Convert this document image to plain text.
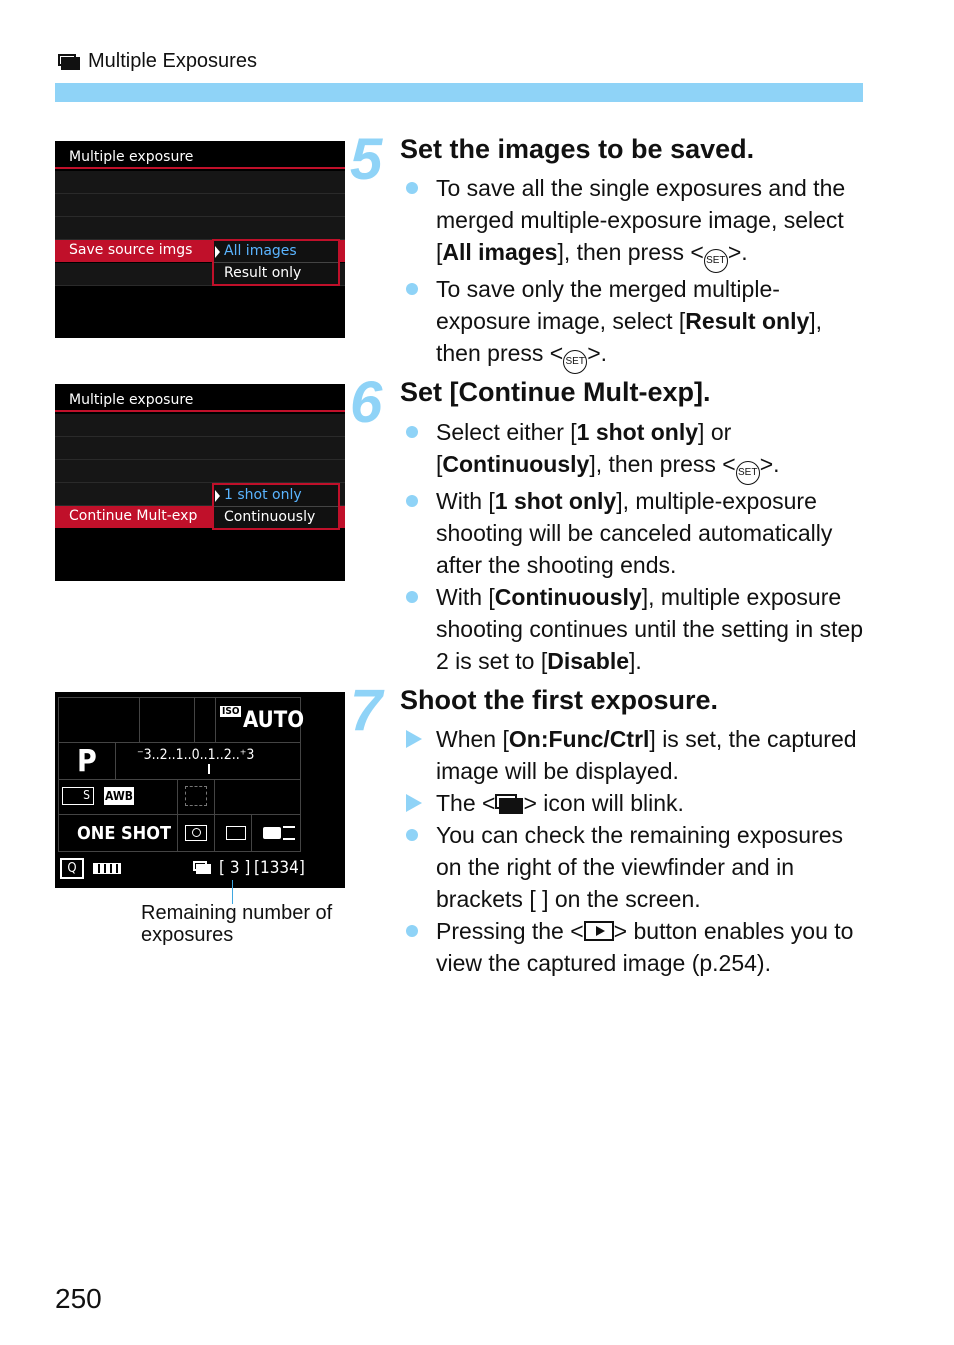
Multiple Exposures
Multiple exposure
Save source imgs	All images
Result only
5 Set the images to be saved.
To save all the single exposures and the merged multiple-exposure image, select [All images], then press < SET>.
To save only the merged multiple-exposure image, select [Result only], then press < SET>.
Multiple exposure
Continue Mult-exp
1 shot only
Continuously
6 Set [Continue Mult-exp].
Select either [1 shot only] or [Continuously], then press < SET>.
With [1 shot only], multiple-exposure shooting will be canceled automatically after the shooting ends.
With [Continuously], multiple exposure shooting continues until the setting in step 2 is set to [Disable].
ISO AUTO
P	⁻3..2..1..0..1..2..⁺3
S	AWB
ONE SHOT
Q	[ 3 ] [1334]
Remaining number of
exposures
7 Shoot the first exposure.
When [On:Func/Ctrl] is set, the captured image will be displayed.
The < > icon will blink.
You can check the remaining exposures on the right of the viewfinder and in brackets [ ] on the screen.
Pressing the < > button enables you to view the captured image (p.254).
250
